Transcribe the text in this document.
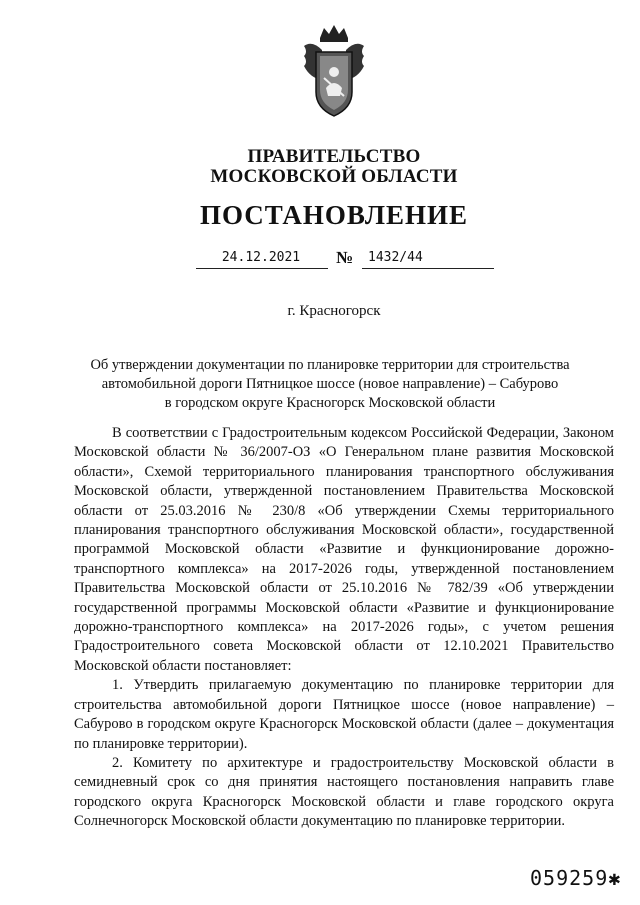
ПРАВИТЕЛЬСТВО
МОСКОВСКОЙ ОБЛАСТИ
ПОСТАНОВЛЕНИЕ
24.12.2021	№ 1432/44
г. Красногорск
Об утверждении документации по планировке территории для строительства
автомобильной дороги Пятницкое шоссе (новое направление) – Сабурово
в городском округе Красногорск Московской области

В соответствии с Градостроительным кодексом Российской Федерации, Законом Московской области № 36/2007-ОЗ «О Генеральном плане развития Московской области», Схемой территориального планирования транспортного обслуживания Московской области, утвержденной постановлением Правительства Московской области от 25.03.2016 № 230/8 «Об утверждении Схемы территориального планирования транспортного обслуживания Московской области», государственной программой Московской области «Развитие и функционирование дорожно-транспортного комплекса» на 2017-2026 годы, утвержденной постановлением Правительства Московской области от 25.10.2016 № 782/39 «Об утверждении государственной программы Московской области «Развитие и функционирование дорожно-транспортного комплекса» на 2017-2026 годы», с учетом решения Градостроительного совета Московской области от 12.10.2021 Правительство Московской области постановляет:

1. Утвердить прилагаемую документацию по планировке территории для строительства автомобильной дороги Пятницкое шоссе (новое направление) – Сабурово в городском округе Красногорск Московской области (далее – документация по планировке территории).

2. Комитету по архитектуре и градостроительству Московской области в семидневный срок со дня принятия настоящего постановления направить главе городского округа Красногорск Московской области и главе городского округа Солнечногорск Московской области документацию по планировке территории.

059259✱
